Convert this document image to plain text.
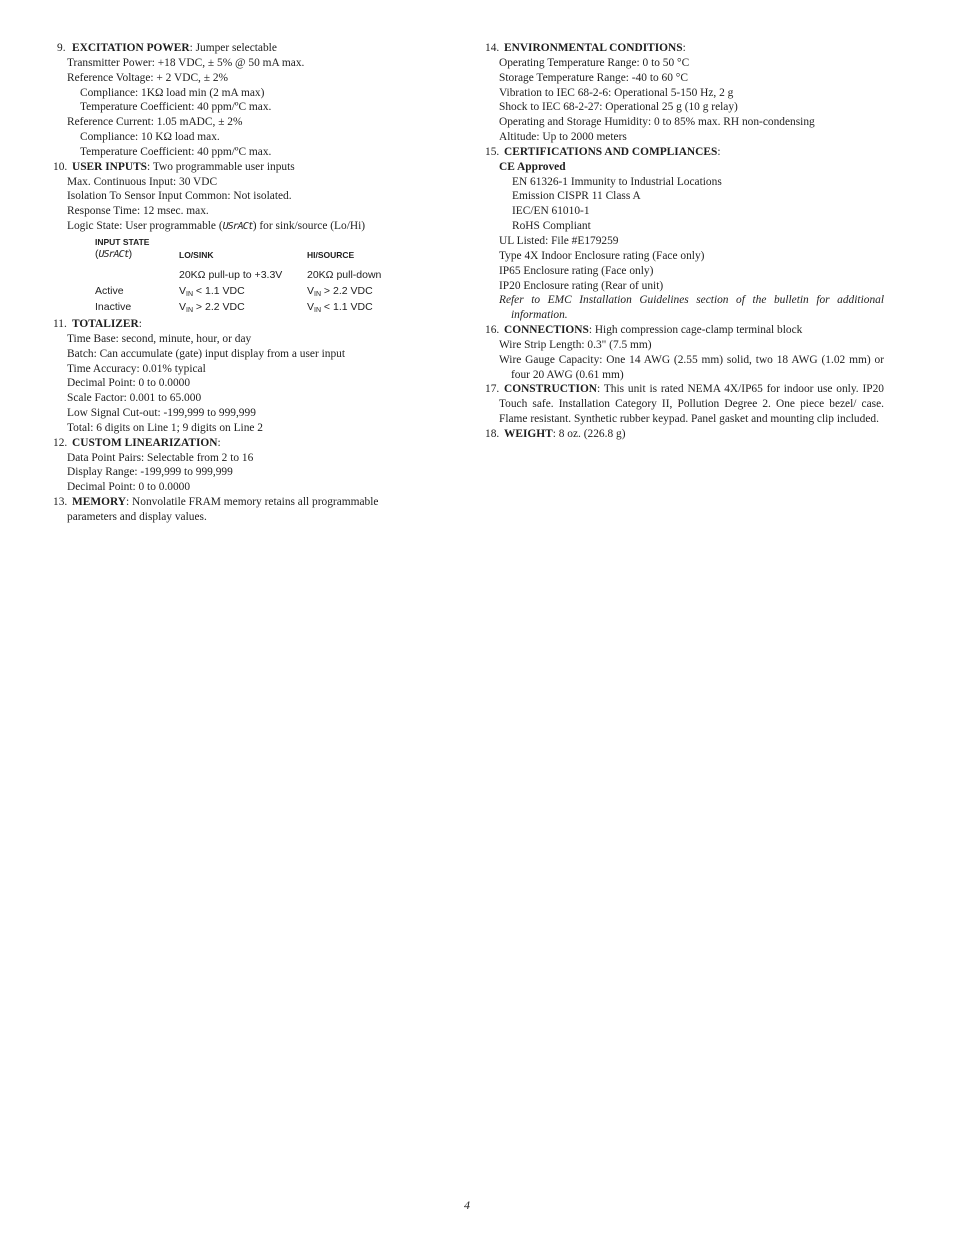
9. EXCITATION POWER: Jumper selectable
Transmitter Power: +18 VDC, ± 5% @ 50 mA max.
Reference Voltage: + 2 VDC, ± 2%
Compliance: 1KΩ load min (2 mA max)
Temperature Coefficient: 40 ppm/ºC max.
Reference Current: 1.05 mADC, ± 2%
Compliance: 10 KΩ load max.
Temperature Coefficient: 40 ppm/ºC max.
10. USER INPUTS: Two programmable user inputs
Max. Continuous Input: 30 VDC
Isolation To Sensor Input Common: Not isolated.
Response Time: 12 msec. max.
Logic State: User programmable (USrACt) for sink/source (Lo/Hi)
INPUT STATE
(USrACt)	LO/SINK	HI/SOURCE
	20KΩ pull-up to +3.3V	20KΩ pull-down
Active	$V_{IN} < 1.1$ VDC	$V_{IN} > 2.2$ VDC
Inactive	$V_{IN} > 2.2$ VDC	$V_{IN} < 1.1$ VDC
11. TOTALIZER:
Time Base: second, minute, hour, or day
Batch: Can accumulate (gate) input display from a user input
Time Accuracy: 0.01% typical
Decimal Point: 0 to 0.0000
Scale Factor: 0.001 to 65.000
Low Signal Cut-out: -199,999 to 999,999
Total: 6 digits on Line 1; 9 digits on Line 2
12. CUSTOM LINEARIZATION:
Data Point Pairs: Selectable from 2 to 16
Display Range: -199,999 to 999,999
Decimal Point: 0 to 0.0000
13. MEMORY: Nonvolatile FRAM memory retains all programmable
parameters and display values.
14. ENVIRONMENTAL CONDITIONS:
Operating Temperature Range: 0 to 50 °C
Storage Temperature Range: -40 to 60 °C
Vibration to IEC 68-2-6: Operational 5-150 Hz, 2 g
Shock to IEC 68-2-27: Operational 25 g (10 g relay)
Operating and Storage Humidity: 0 to 85% max. RH non-condensing
Altitude: Up to 2000 meters
15. CERTIFICATIONS AND COMPLIANCES:
CE Approved
EN 61326-1 Immunity to Industrial Locations
Emission CISPR 11 Class A
IEC/EN 61010-1
RoHS Compliant
UL Listed: File #E179259
Type 4X Indoor Enclosure rating (Face only)
IP65 Enclosure rating (Face only)
IP20 Enclosure rating (Rear of unit)
Refer to EMC Installation Guidelines section of the bulletin for additional information.
16. CONNECTIONS: High compression cage-clamp terminal block
Wire Strip Length: 0.3" (7.5 mm)
Wire Gauge Capacity: One 14 AWG (2.55 mm) solid, two 18 AWG (1.02 mm) or four 20 AWG (0.61 mm)
17. CONSTRUCTION: This unit is rated NEMA 4X/IP65 for indoor use only. IP20 Touch safe. Installation Category II, Pollution Degree 2. One piece bezel/ case. Flame resistant. Synthetic rubber keypad. Panel gasket and mounting clip included.
18. WEIGHT: 8 oz. (226.8 g)
4
